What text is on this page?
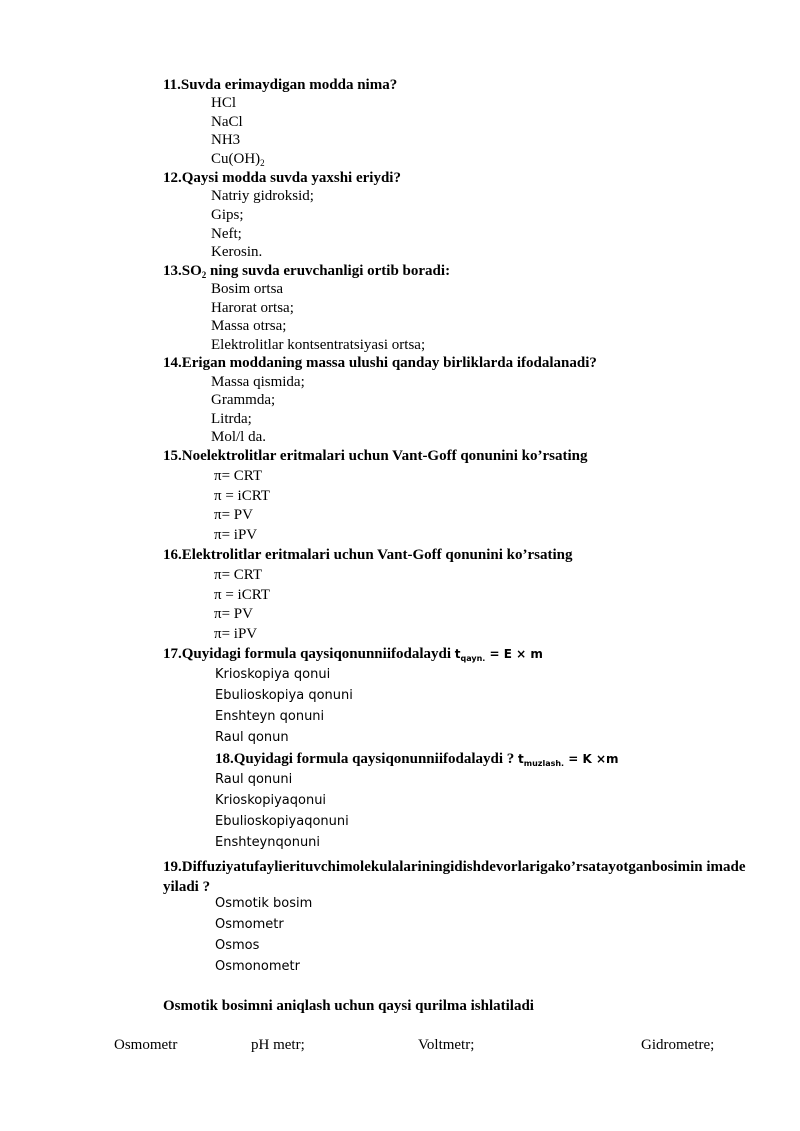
11.Suvda erimaydigan modda nima?
HCl
NaCl
NH3
$Cu(OH)_2$
12.Qaysi modda suvda yaxshi eriydi?
Natriy gidroksid;
Gips;
Neft;
Kerosin.
$13.SO_2$ ning suvda eruvchanligi ortib boradi:
Bosim ortsa
Harorat ortsa;
Massa otrsa;
Elektrolitlar kontsentratsiyasi ortsa;
14.Erigan moddaning massa ulushi qanday birliklarda ifodalanadi?
Massa qismida;
Grammda;
Litrda;
Mol/l da.
15.Noelektrolitlar eritmalari uchun Vant-Goff qonunini ko’rsating
π= CRT
π = iCRT
π= PV
π= iPV
16.Elektrolitlar eritmalari uchun Vant-Goff qonunini ko’rsating
π= CRT
π = iCRT
π= PV
π= iPV
17.Quyidagi formula qaysiqonunniifodalaydi $t_{qayn.} = E \times m$
Krioskopiya qonui
Ebulioskopiya qonuni
Enshteyn qonuni
Raul qonun
18.Quyidagi formula qaysiqonunniifodalaydi ? $t_{muzlash.} = K \times m$
Raul qonuni
Krioskopiyaqonui
Ebulioskopiyaqonuni
Enshteynqonuni
19.Diffuziyatufaylierituvchimolekulalariningidishdevorlarigako’rsatayotganbosimin imadeyiladi ?
Osmotik bosim
Osmometr
Osmos
Osmonometr
Osmotik bosimni aniqlash uchun qaysi qurilma ishlatiladi
Osmometr	pH metr;	Voltmetr;	Gidrometre;
